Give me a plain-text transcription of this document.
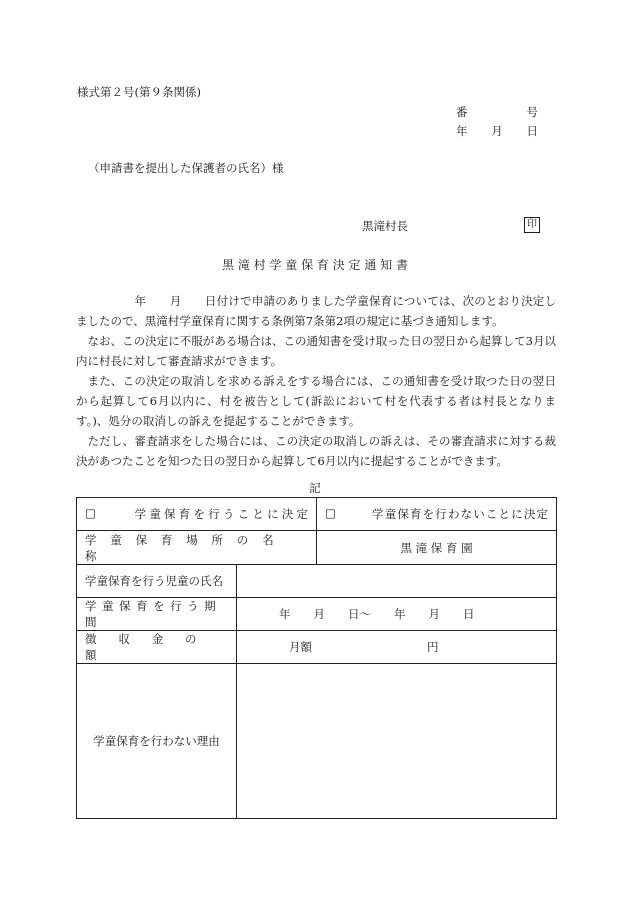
様式第２号(第９条関係)
番	号
年 月 日
（申請書を提出した保護者の氏名）様
黒滝村長	印
黒 滝 村 学 童 保 育 決 定 通 知 書

　　　　　年　　月　　日付けで申請のありました学童保育については、次のとおり決定しましたので、黒滝村学童保育に関する条例第7条第2項の規定に基づき通知します。

なお、この決定に不服がある場合は、この通知書を受け取った日の翌日から起算して3月以内に村長に対して審査請求ができます。

また、この決定の取消しを求める訴えをする場合には、この通知書を受け取つた日の翌日から起算して6月以内に、村を被告として(訴訟において村を代表する者は村長となります。)、処分の取消しの訴えを提起することができます。

ただし、審査請求をした場合には、この決定の取消しの訴えは、その審査請求に対する裁決があつたことを知つた日の翌日から起算して6月以内に提起することができます。

記
□ 学童保育を行うことに決定		□ 学童保育を行わないことに決定

学童保育場所の名称		黒 滝 保 育 園
学童保育を行う児童の氏名		
学童保育を行う期間	年　　月　　日〜　　年　　月　　日	
徴収金の額	月額　　　　　　　　　　円	
学童保育を行わない理由		
